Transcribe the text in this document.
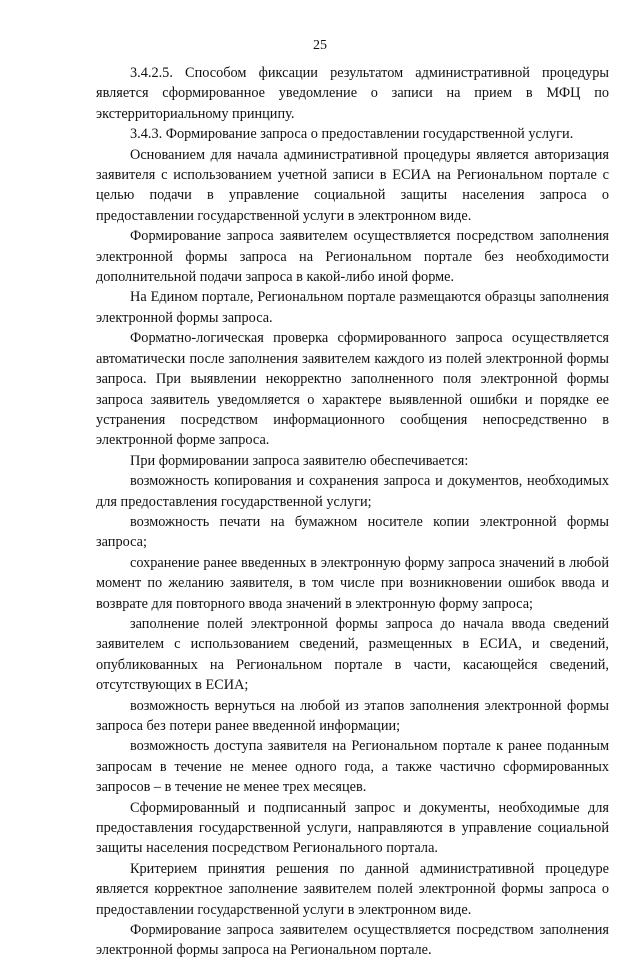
25

3.4.2.5. Способом фиксации результатом административной процедуры является сформированное уведомление о записи на прием в МФЦ по экстерриториальному принципу.

3.4.3. Формирование запроса о предоставлении государственной услуги.

Основанием для начала административной процедуры является авторизация заявителя с использованием учетной записи в ЕСИА на Региональном портале с целью подачи в управление социальной защиты населения запроса о предоставлении государственной услуги в электронном виде.

Формирование запроса заявителем осуществляется посредством заполнения электронной формы запроса на Региональном портале без необходимости дополнительной подачи запроса в какой-либо иной форме.

На Едином портале, Региональном портале размещаются образцы заполнения электронной формы запроса.

Форматно-логическая проверка сформированного запроса осуществляется автоматически после заполнения заявителем каждого из полей электронной формы запроса. При выявлении некорректно заполненного поля электронной формы запроса заявитель уведомляется о характере выявленной ошибки и порядке ее устранения посредством информационного сообщения непосредственно в электронной форме запроса.

При формировании запроса заявителю обеспечивается:

возможность копирования и сохранения запроса и документов, необходимых для предоставления государственной услуги;

возможность печати на бумажном носителе копии электронной формы запроса;

сохранение ранее введенных в электронную форму запроса значений в любой момент по желанию заявителя, в том числе при возникновении ошибок ввода и возврате для повторного ввода значений в электронную форму запроса;

заполнение полей электронной формы запроса до начала ввода сведений заявителем с использованием сведений, размещенных в ЕСИА, и сведений, опубликованных на Региональном портале в части, касающейся сведений, отсутствующих в ЕСИА;

возможность вернуться на любой из этапов заполнения электронной формы запроса без потери ранее введенной информации;

возможность доступа заявителя на Региональном портале к ранее поданным запросам в течение не менее одного года, а также частично сформированных запросов – в течение не менее трех месяцев.

Сформированный и подписанный запрос и документы, необходимые для предоставления государственной услуги, направляются в управление социальной защиты населения посредством Регионального портала.

Критерием принятия решения по данной административной процедуре является корректное заполнение заявителем полей электронной формы запроса о предоставлении государственной услуги в электронном виде.

Формирование запроса заявителем осуществляется посредством заполнения электронной формы запроса на Региональном портале.
